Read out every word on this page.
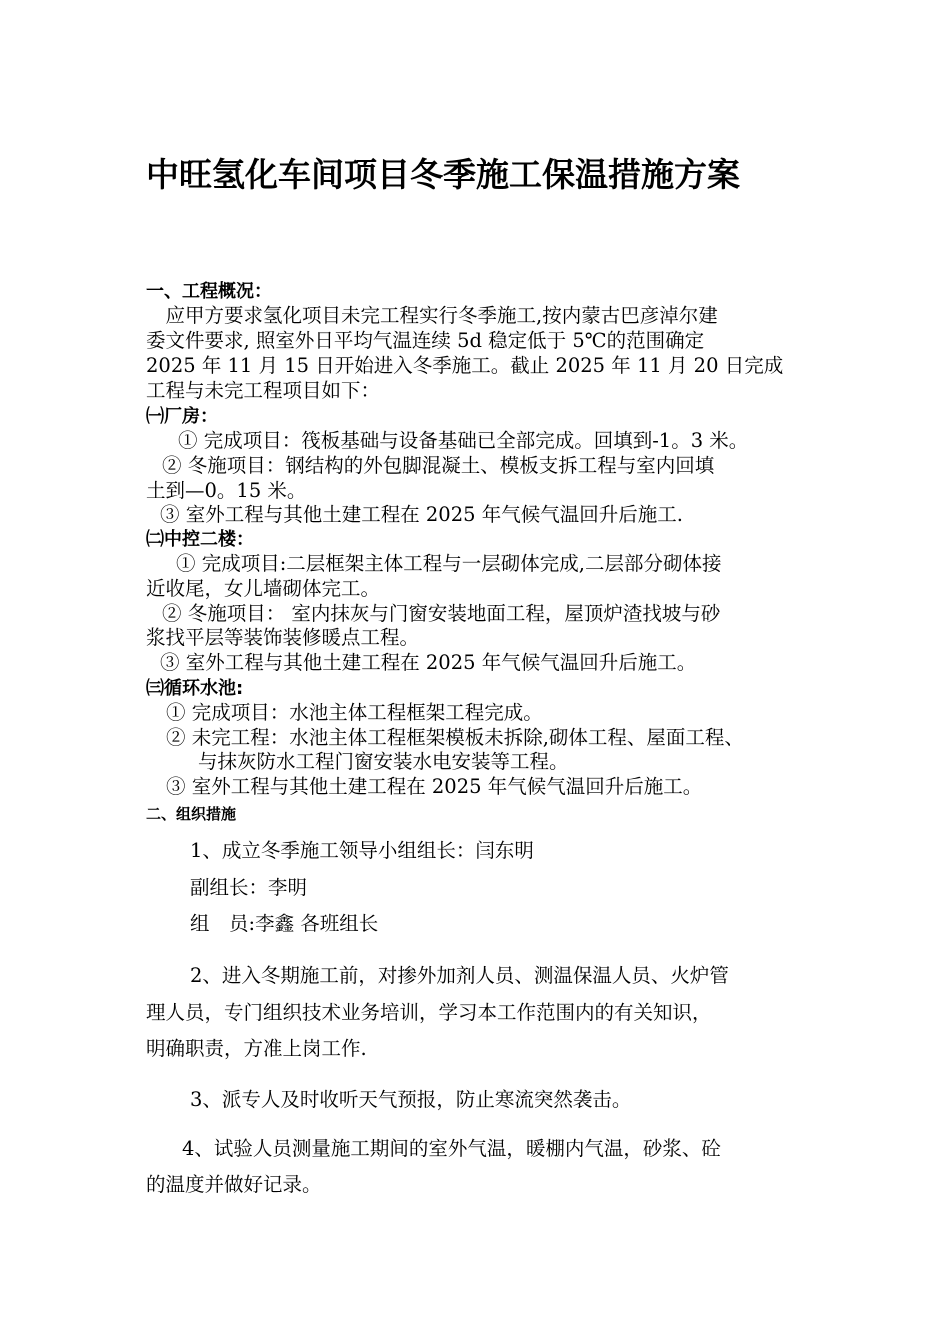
中旺氢化车间项目冬季施工保温措施方案
一、工程概况：
　应甲方要求氢化项目未完工程实行冬季施工,按内蒙古巴彦淖尔建
委文件要求, 照室外日平均气温连续 5d 稳定低于 5℃的范围确定
2025 年 11 月 15 日开始进入冬季施工。截止 2025 年 11 月 20 日完成
工程与未完工程项目如下：
㈠厂房：
① 完成项目：筏板基础与设备基础已全部完成。回填到-1。3 米。
② 冬施项目：钢结构的外包脚混凝土、模板支拆工程与室内回填
土到—0。15 米。
③ 室外工程与其他土建工程在 2025 年气候气温回升后施工.
㈡中控二楼：
① 完成项目:二层框架主体工程与一层砌体完成,二层部分砌体接
近收尾，女儿墙砌体完工。
② 冬施项目： 室内抹灰与门窗安装地面工程，屋顶炉渣找坡与砂
浆找平层等装饰装修暖点工程。
③ 室外工程与其他土建工程在 2025 年气候气温回升后施工。
㈢循环水池:
① 完成项目：水池主体工程框架工程完成。
② 未完工程：水池主体工程框架模板未拆除,砌体工程、屋面工程、
与抹灰防水工程门窗安装水电安装等工程。
③ 室外工程与其他土建工程在 2025 年气候气温回升后施工。
二、组织措施
1、成立冬季施工领导小组组长：闫东明
副组长：李明
组　员:李鑫 各班组长
2、进入冬期施工前，对掺外加剂人员、测温保温人员、火炉管
理人员，专门组织技术业务培训，学习本工作范围内的有关知识，
明确职责，方准上岗工作.
3、派专人及时收听天气预报，防止寒流突然袭击。
4、试验人员测量施工期间的室外气温，暖棚内气温，砂浆、砼
的温度并做好记录。
